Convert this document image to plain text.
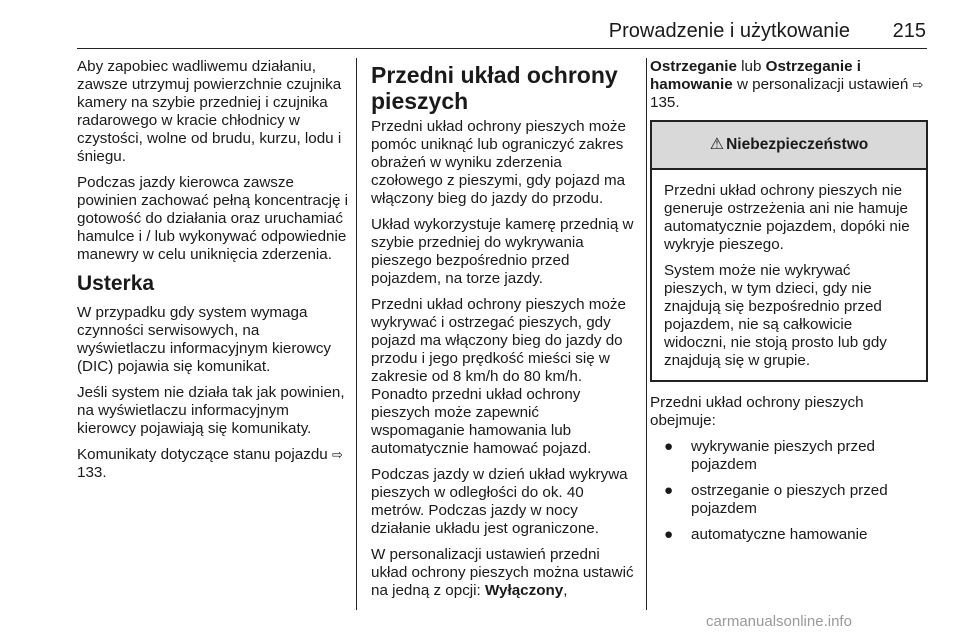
Prowadzenie i użytkowanie	215

Aby zapobiec wadliwemu działaniu, zawsze utrzymuj powierzchnie czujnika kamery na szybie przedniej i czujnika radarowego w kracie chłodnicy w czystości, wolne od brudu, kurzu, lodu i śniegu.

Podczas jazdy kierowca zawsze powinien zachować pełną koncentrację i gotowość do działania oraz uruchamiać hamulce i / lub wykonywać odpowiednie manewry w celu uniknięcia zderzenia.

Usterka

W przypadku gdy system wymaga czynności serwisowych, na wyświetlaczu informacyjnym kierowcy (DIC) pojawia się komunikat.

Jeśli system nie działa tak jak powinien, na wyświetlaczu informacyjnym kierowcy pojawiają się komunikaty.

Komunikaty dotyczące stanu pojazdu ⇨ 133.

Przedni układ ochrony pieszych

Przedni układ ochrony pieszych może pomóc uniknąć lub ograniczyć zakres obrażeń w wyniku zderzenia czołowego z pieszymi, gdy pojazd ma włączony bieg do jazdy do przodu.

Układ wykorzystuje kamerę przednią w szybie przedniej do wykrywania pieszego bezpośrednio przed pojazdem, na torze jazdy.

Przedni układ ochrony pieszych może wykrywać i ostrzegać pieszych, gdy pojazd ma włączony bieg do jazdy do przodu i jego prędkość mieści się w zakresie od 8 km/h do 80 km/h. Ponadto przedni układ ochrony pieszych może zapewnić wspomaganie hamowania lub automatycznie hamować pojazd.

Podczas jazdy w dzień układ wykrywa pieszych w odległości do ok. 40 metrów. Podczas jazdy w nocy działanie układu jest ograniczone.

W personalizacji ustawień przedni układ ochrony pieszych można ustawić na jedną z opcji: Wyłączony,

Ostrzeganie lub Ostrzeganie i hamowanie w personalizacji ustawień ⇨ 135.

⚠ Niebezpieczeństwo

Przedni układ ochrony pieszych nie generuje ostrzeżenia ani nie hamuje automatycznie pojazdem, dopóki nie wykryje pieszego.

System może nie wykrywać pieszych, w tym dzieci, gdy nie znajdują się bezpośrednio przed pojazdem, nie są całkowicie widoczni, nie stoją prosto lub gdy znajdują się w grupie.

Przedni układ ochrony pieszych obejmuje:

● wykrywanie pieszych przed pojazdem
● ostrzeganie o pieszych przed pojazdem
● automatyczne hamowanie
carmanualsonline.info
